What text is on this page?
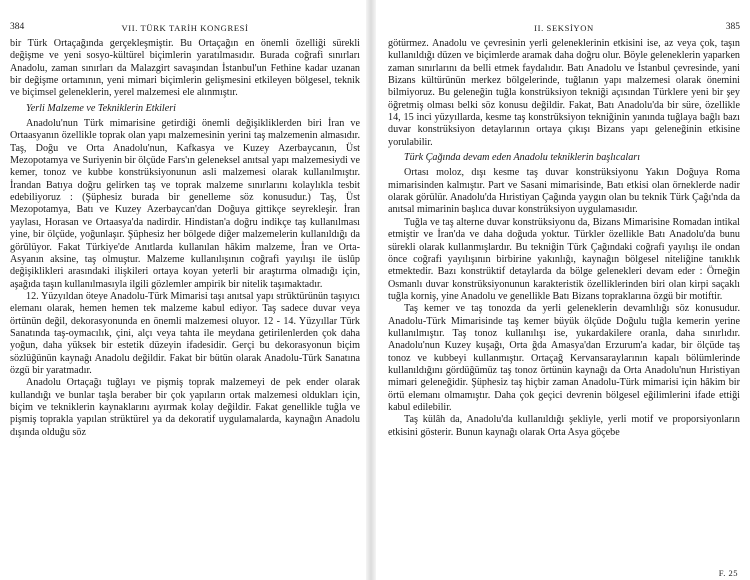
384	VII. TÜRK TARİH KONGRESİ

bir Türk Ortaçağında gerçekleşmiştir. Bu Ortaçağın en önemli özelliği sürekli değişme ve yeni sosyo-kültürel biçimlerin yaratılmasıdır. Burada coğrafi sınırları Anadolu, zaman sınırları da Malazgirt savaşından İstanbul'un Fethine kadar uzanan bir değişme ortamının, yeni mimari biçimlerin gelişmesini etkileyen bölgesel, teknik ve biçimsel geleneklerin, yerel malzemesi ele alınmıştır.

Yerli Malzeme ve Tekniklerin Etkileri

Anadolu'nun Türk mimarisine getirdiği önemli değişikliklerden biri İran ve Ortaasyanın özellikle toprak olan yapı malzemesinin yerini taş malzemenin almasıdır. Taş, Doğu ve Orta Anadolu'nun, Kafkasya ve Kuzey Azerbaycanın, Üst Mezopotamya ve Suriyenin bir ölçüde Fars'ın geleneksel anıtsal yapı malzemesiydi ve kemer, tonoz ve kubbe konstrüksiyonunun asli malzemesi olarak kullanılmıştır. İrandan Batıya doğru gelirken taş ve toprak malzeme sınırlarını kolaylıkla tesbit edebiliyoruz : (Şüphesiz burada bir genelleme söz konusudur.) Taş, Üst Mezopotamya, Batı ve Kuzey Azerbaycan'dan Doğuya gittikçe seyrekleşir. İran yaylası, Horasan ve Ortaasya'da nadirdir. Hindistan'a doğru indikçe taş kullanılması yine, bir ölçüde, yoğunlaşır. Şüphesiz her bölgede diğer malzemelerin kullanıldığı da görülüyor. Fakat Türkiye'de Anıtlarda kullanılan hâkim malzeme, İran ve Orta-Asyanın aksine, taş olmuştur. Malzeme kullanılışının coğrafi yayılışı ile üslûp değişiklikleri arasındaki ilişkileri ortaya koyan yeterli bir araştırma olmadığı için, aşağıda taşın kullanılmasıyla ilgili gözlemler ampirik bir nitelik taşımaktadır.

12. Yüzyıldan öteye Anadolu-Türk Mimarisi taşı anıtsal yapı strüktürünün taşıyıcı elemanı olarak, hemen hemen tek malzeme kabul ediyor. Taş sadece duvar veya örtünün değil, dekorasyonunda en önemli malzemesi oluyor. 12 - 14. Yüzyıllar Türk Sanatında taş-oymacılık, çini, alçı veya tahta ile meydana getirilenlerden çok daha yoğun, daha yüksek bir estetik düzeyin ifadesidir. Gerçi bu dekorasyonun biçim sözlüğünün kaynağı Anadolu değildir. Fakat bir bütün olarak Anadolu-Türk Sanatına özgü bir yaratmadır.

Anadolu Ortaçağı tuğlayı ve pişmiş toprak malzemeyi de pek ender olarak kullandığı ve bunlar taşla beraber bir çok yapıların ortak malzemesi oldukları için, biçim ve tekniklerin kaynaklarını ayırmak kolay değildir. Fakat genellikle tuğla ve pişmiş toprakla yapılan strüktürel ya da dekoratif uygulamalarda, kaynağın Anadolu dışında olduğu söz

II. SEKSİYON	385

götürmez. Anadolu ve çevresinin yerli geleneklerinin etkisini ise, az veya çok, taşın kullanıldığı düzen ve biçimlerde aramak daha doğru olur. Böyle geleneklerin yaparken zaman sınırlarını da belli etmek faydalıdır. Batı Anadolu ve İstanbul çevresinde, yani Bizans kültürünün merkez bölgelerinde, tuğlanın yapı malzemesi olarak önemini bilmiyoruz. Bu geleneğin tuğla konstrüksiyon tekniği açısından Türklere yeni bir şey öğretmiş olması belki söz konusu değildir. Fakat, Batı Anadolu'da bir süre, özellikle 14, 15 inci yüzyıllarda, kesme taş konstrüksiyon tekniğinin yanında tuğlaya bağlı bazı duvar konstrüksiyon detaylarının ortaya çıkışı Bizans yapı geleneğinin etkisine yorulabilir.

Türk Çağında devam eden Anadolu tekniklerin başlıcaları

Ortası moloz, dışı kesme taş duvar konstrüksiyonu Yakın Doğuya Roma mimarisinden kalmıştır. Part ve Sasani mimarisinde, Batı etkisi olan örneklerde nadir olarak görülür. Anadolu'da Hıristiyan Çağında yaygın olan bu teknik Türk Çağı'nda da anıtsal mimarinin başlıca duvar konstrüksiyon uygulamasıdır.

Tuğla ve taş alterne duvar konstrüksiyonu da, Bizans Mimarisine Romadan intikal etmiştir ve İran'da ve daha doğuda yoktur. Türkler özellikle Batı Anadolu'da bunu sürekli olarak kullanmışlardır. Bu tekniğin Türk Çağındaki coğrafi yayılışı ile ondan önce coğrafi yayılışının birbirine yakınlığı, kaynağın bölgesel niteliğine tanıklık etmektedir. Bazı konstrüktif detaylarda da bölge gelenekleri devam eder : Örneğin Osmanlı duvar konstrüksiyonunun karakteristik özelliklerinden biri olan kirpi saçaklı tuğla korniş, yine Anadolu ve genellikle Batı Bizans topraklarına özgü bir motiftir.

Taş kemer ve taş tonozda da yerli geleneklerin devamlılığı söz konusudur. Anadolu-Türk Mimarisinde taş kemer büyük ölçüde Doğulu tuğla kemerin yerine kullanılmıştır. Taş tonoz kullanılışı ise, yukardakilere oranla, daha sınırlıdır. Anadolu'nun Kuzey kuşağı, Orta ğda Amasya'dan Erzurum'a kadar, bir ölçüde taş tonoz ve kubbeyi kullanmıştır. Ortaçağ Kervansaraylarının kapalı bölümlerinde kullanıldığını gördüğümüz taş tonoz örtünün kaynağı da Orta Anadolu'nun Hıristiyan mimari geleneğidir. Şüphesiz taş hiçbir zaman Anadolu-Türk mimarisi için hâkim bir örtü elemanı olmamıştır. Daha çok geçici devrenin bölgesel eğilimlerini ifade ettiği kabul edilebilir.

Taş külâh da, Anadolu'da kullanıldığı şekliyle, yerli motif ve proporsiyonların etkisini gösterir. Bunun kaynağı olarak Orta Asya göçebe

F. 25
